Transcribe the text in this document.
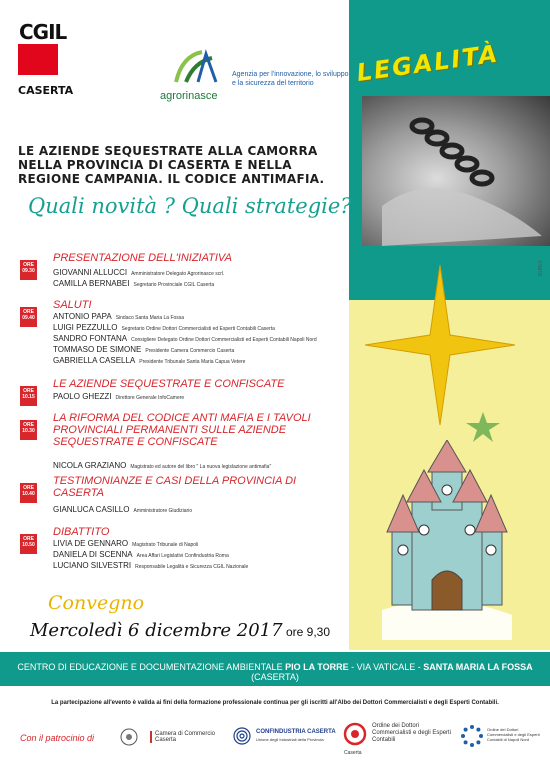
LEGALITÀ
DUBLY
CGIL
CASERTA	agrorinasce
Agenzia per l'innovazione, lo sviluppo e la sicurezza del territorio
LE AZIENDE SEQUESTRATE ALLA CAMORRA NELLA PROVINCIA DI CASERTA E NELLA REGIONE CAMPANIA. IL CODICE ANTIMAFIA.
Quali novità ? Quali strategie?
ORE
09.30
PRESENTAZIONE DELL'INIZIATIVA
GIOVANNI ALLUCCI Amministratore Delegato Agrorinasce scrl.
CAMILLA BERNABEI Segretario Provinciale CGIL Caserta
ORE
09.40
SALUTI
ANTONIO PAPA Sindaco Santa Maria La Fossa
LUIGI PEZZULLO Segretario Ordine Dottori Commercialisti ed Esperti Contabili Caserta
SANDRO FONTANA Consigliere Delegato Ordine Dottori Commercialisti ed Esperti Contabili Napoli Nord
TOMMASO DE SIMONE Presidente Camera Commercio Caserta
GABRIELLA CASELLA Presidente Tribunale Santa Maria Capua Vetere
ORE
10.15
LE AZIENDE SEQUESTRATE E CONFISCATE
PAOLO GHEZZI Direttore Generale InfoCamere
ORE
10.30
LA RIFORMA DEL CODICE ANTI MAFIA E I TAVOLI PROVINCIALI PERMANENTI SULLE AZIENDE SEQUESTRATE E CONFISCATE
NICOLA GRAZIANO Magistrato ed autore del libro " La nuova legislazione antimafia"
ORE
10.40
TESTIMONIANZE E CASI DELLA PROVINCIA DI CASERTA
GIANLUCA CASILLO Amministratore Giudiziario
ORE
10.50
DIBATTITO
LIVIA DE GENNARO Magistrato Tribunale di Napoli
DANIELA DI SCENNA Area Affari Legislativi Confindustria Roma
LUCIANO SILVESTRI Responsabile Legalità e Sicurezza CGIL Nazionale
Convegno
Mercoledì 6 dicembre 2017 ore 9,30
CENTRO DI EDUCAZIONE E DOCUMENTAZIONE AMBIENTALE PIO LA TORRE - VIA VATICALE - SANTA MARIA LA FOSSA (CASERTA)
La partecipazione all'evento è valida ai fini della formazione professionale continua per gli iscritti all'Albo dei Dottori Commercialisti e degli Esperti Contabili.
Con il patrocinio di	Camera di Commercio Caserta
CONFINDUSTRIA CASERTA
Unione degli Industriali della Provincia
Caserta
Ordine dei Dottori Commercialisti e degli Esperti Contabili
Ordine dei Dottori Commercialisti e degli Esperti Contabili di Napoli Nord
